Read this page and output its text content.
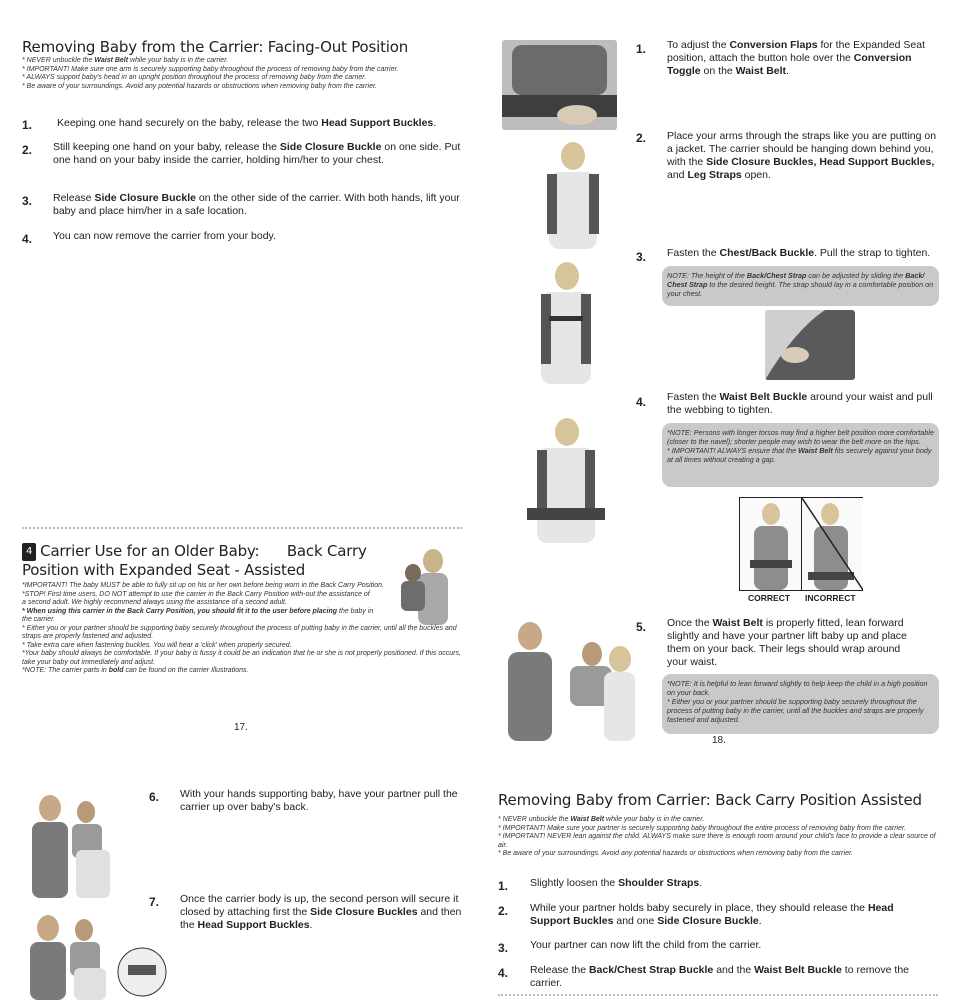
Removing Baby from the Carrier: Facing-Out Position
* NEVER unbuckle the Waist Belt while your baby is in the carrier.
* IMPORTANT! Make sure one arm is securely supporting baby throughout the process of removing baby from the carrier.
* ALWAYS support baby's head in an upright position throughout the process of removing baby from the carrier.
* Be aware of your surroundings. Avoid any potential hazards or obstructions when removing baby from the carrier.
1. Keeping one hand securely on the baby, release the two Head Support Buckles.
2. Still keeping one hand on your baby, release the Side Closure Buckle on one side. Put one hand on your baby inside the carrier, holding him/her to your chest.
3. Release Side Closure Buckle on the other side of the carrier. With both hands, lift your baby and place him/her in a safe location.
4. You can now remove the carrier from your body.
4 Carrier Use for an Older Baby: Back Carry
Position with Expanded Seat - Assisted
*IMPORTANT! The baby MUST be able to fully sit up on his or her own before being worn in the Back Carry Position.
*STOP! First time users, DO NOT attempt to use the carrier in the Back Carry Position with-out the assistance of a second adult. We highly recommend always using the assistance of a second adult.
* When using this carrier in the Back Carry Position, you should fit it to the user before placing the baby in the carrier.
* Either you or your partner should be supporting baby securely throughout the process of putting baby in the carrier, until all the buckles and straps are properly fastened and adjusted.
* Take extra care when fastening buckles. You will hear a 'click' when properly secured.
*Your baby should always be comfortable. If your baby is fussy it could be an indication that he or she is not properly positioned. If this occurs, take your baby out immediately and adjust.
*NOTE: The carrier parts in bold can be found on the carrier Illustrations.
17.
1. To adjust the Conversion Flaps for the Expanded Seat position, attach the button hole over the Conversion Toggle on the Waist Belt.
2. Place your arms through the straps like you are putting on a jacket. The carrier should be hanging down behind you, with the Side Closure Buckles, Head Support Buckles, and Leg Straps open.
3. Fasten the Chest/Back Buckle. Pull the strap to tighten.
NOTE: The height of the Back/Chest Strap can be adjusted by sliding the Back/ Chest Strap to the desired height. The strap should lay in a comfortable position on your chest.
4. Fasten the Waist Belt Buckle around your waist and pull the webbing to tighten.
*NOTE: Persons with longer torsos may find a higher belt position more comfortable (closer to the navel); shorter people may wish to wear the belt more on the hips.
* IMPORTANT! ALWAYS ensure that the Waist Belt fits securely against your body at all times without creating a gap.
CORRECT INCORRECT
5. Once the Waist Belt is properly fitted, lean forward slightly and have your partner lift baby up and place them on your back. Their legs should wrap around your waist.
*NOTE: It is helpful to lean forward slightly to help keep the child in a high position on your back.
* Either you or your partner should be supporting baby securely throughout the process of putting baby in the carrier, until all the buckles and straps are properly fastened and adjusted.
18.
6. With your hands supporting baby, have your partner pull the carrier up over baby's back.
7. Once the carrier body is up, the second person will secure it closed by attaching first the Side Closure Buckles and then the Head Support Buckles.
Removing Baby from Carrier: Back Carry Position Assisted
* NEVER unbuckle the Waist Belt while your baby is in the carrier.
* IMPORTANT! Make sure your partner is securely supporting baby throughout the entire process of removing baby from the carrier.
* IMPORTANT! NEVER lean against the child. ALWAYS make sure there is enough room around your child's face to provide a clear source of air.
* Be aware of your surroundings. Avoid any potential hazards or obstructions when removing baby from the carrier.
1. Slightly loosen the Shoulder Straps.
2. While your partner holds baby securely in place, they should release the Head Support Buckles and one Side Closure Buckle.
3. Your partner can now lift the child from the carrier.
4. Release the Back/Chest Strap Buckle and the Waist Belt Buckle to remove the carrier.
